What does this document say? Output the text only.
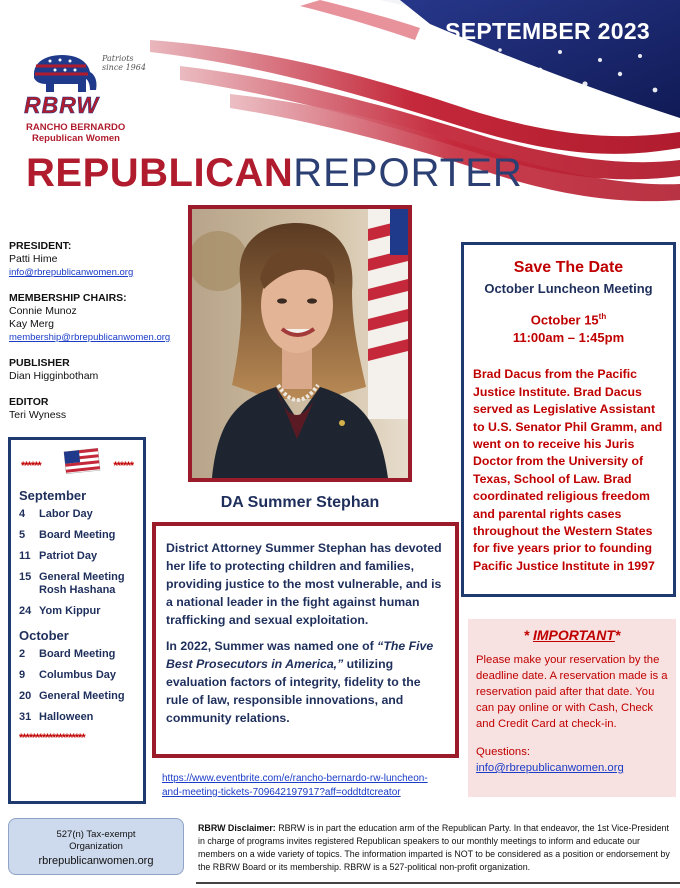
SEPTEMBER 2023
Patriots
since 1964
RBRW
RANCHO BERNARDO
Republican Women
REPUBLICANREPORTER
PRESIDENT:
Patti Hime
info@rbrepublicanwomen.org
MEMBERSHIP CHAIRS:
Connie Munoz
Kay Merg
membership@rbrepublicanwomen.org
PUBLISHER
Dian Higginbotham
EDITOR
Teri Wyness
******	******
September
4	Labor Day
5	Board Meeting
11 Patriot Day
15 General Meeting
Rosh Hashana
24 Yom Kippur
October
2	Board Meeting
9	Columbus Day
20 General Meeting
31 Halloween
********************
DA Summer Stephan

District Attorney Summer Stephan has devoted her life to protecting children and families, providing justice to the most vulnerable, and is a national leader in the fight against human trafficking and sexual exploitation.

In 2022, Summer was named one of “The Five Best Prosecutors in America,” utilizing evaluation factors of integrity, fidelity to the rule of law, responsible innovations, and community relations.

https://www.eventbrite.com/e/rancho-bernardo-rw-luncheon-
and-meeting-tickets-709642197917?aff=oddtdtcreator
Save The Date
October Luncheon Meeting
October 15th
11:00am – 1:45pm
Brad Dacus from the Pacific Justice Institute. Brad Dacus served as Legislative Assistant to U.S. Senator Phil Gramm, and went on to receive his Juris Doctor from the University of Texas, School of Law. Brad coordinated religious freedom and parental rights cases throughout the Western States for five years prior to founding Pacific Justice Institute in 1997
* IMPORTANT*
Please make your reservation by the deadline date. A reservation made is a reservation paid after that date. You can pay online or with Cash, Check and Credit Card at check-in.
Questions:
info@rbrepublicanwomen.org
527(n) Tax-exempt
Organization
rbrepublicanwomen.org
RBRW Disclaimer: RBRW is in part the education arm of the Republican Party. In that endeavor, the 1st Vice-President in charge of programs invites registered Republican speakers to our monthly meetings to inform and educate our members on a wide variety of topics. The information imparted is NOT to be considered as a position or endorsement by the RBRW Board or its membership. RBRW is a 527-political non-profit organization.
